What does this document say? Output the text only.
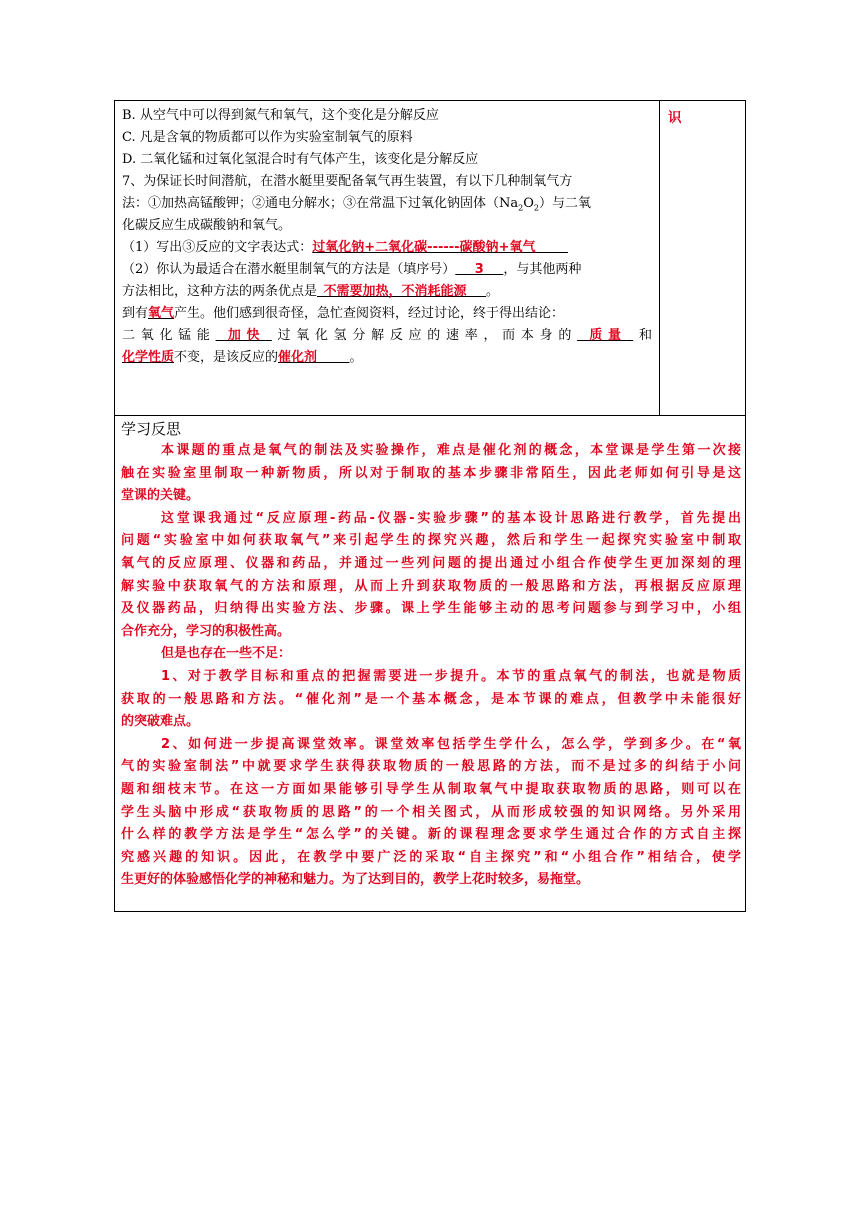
B. 从空气中可以得到氮气和氧气，这个变化是分解反应
C. 凡是含氧的物质都可以作为实验室制氧气的原料
D. 二氧化锰和过氧化氢混合时有气体产生，该变化是分解反应
7、为保证长时间潜航，在潜水艇里要配备氧气再生装置，有以下几种制氧气方
法：①加热高锰酸钾；②通电分解水；③在常温下过氧化钠固体$(Na_2O_2)$与二氧
化碳反应生成碳酸钠和氧气。
（1）写出③反应的文字表达式：过氧化钠+二氧化碳------碳酸钠+氧气   
（2）你认为最适合在潜水艇里制氧气的方法是（填序号）    3    ，与其他两种
方法相比，这种方法的两条优点是  不需要加热，不消耗能源    。
到有氧气产生。他们感到很奇怪，急忙查阅资料，经过讨论，终于得出结论：
二氧化锰能  加快  过氧化氢分解反应的速率，而本身的  质量  和
化学性质不变，是该反应的催化剂   	。
识
学习反思
本课题的重点是氧气的制法及实验操作，难点是催化剂的概念，本堂课是学生第一次接
触在实验室里制取一种新物质，所以对于制取的基本步骤非常陌生，因此老师如何引导是这
堂课的关键。
这堂课我通过“反应原理-药品-仪器-实验步骤”的基本设计思路进行教学，首先提出
问题“实验室中如何获取氧气”来引起学生的探究兴趣，然后和学生一起探究实验室中制取
氧气的反应原理、仪器和药品，并通过一些列问题的提出通过小组合作使学生更加深刻的理
解实验中获取氧气的方法和原理，从而上升到获取物质的一般思路和方法，再根据反应原理
及仪器药品，归纳得出实验方法、步骤。课上学生能够主动的思考问题参与到学习中，小组
合作充分，学习的积极性高。
但是也存在一些不足：
1、对于教学目标和重点的把握需要进一步提升。本节的重点氧气的制法，也就是物质
获取的一般思路和方法。“催化剂”是一个基本概念，是本节课的难点，但教学中未能很好
的突破难点。
2、如何进一步提高课堂效率。课堂效率包括学生学什么，怎么学，学到多少。在“氧
气的实验室制法”中就要求学生获得获取物质的一般思路的方法，而不是过多的纠结于小问
题和细枝末节。在这一方面如果能够引导学生从制取氧气中提取获取物质的思路，则可以在
学生头脑中形成“获取物质的思路”的一个相关图式，从而形成较强的知识网络。另外采用
什么样的教学方法是学生“怎么学”的关键。新的课程理念要求学生通过合作的方式自主探
究感兴趣的知识。因此，在教学中要广泛的采取“自主探究”和“小组合作”相结合，使学
生更好的体验感悟化学的神秘和魅力。为了达到目的，教学上花时较多，易拖堂。
